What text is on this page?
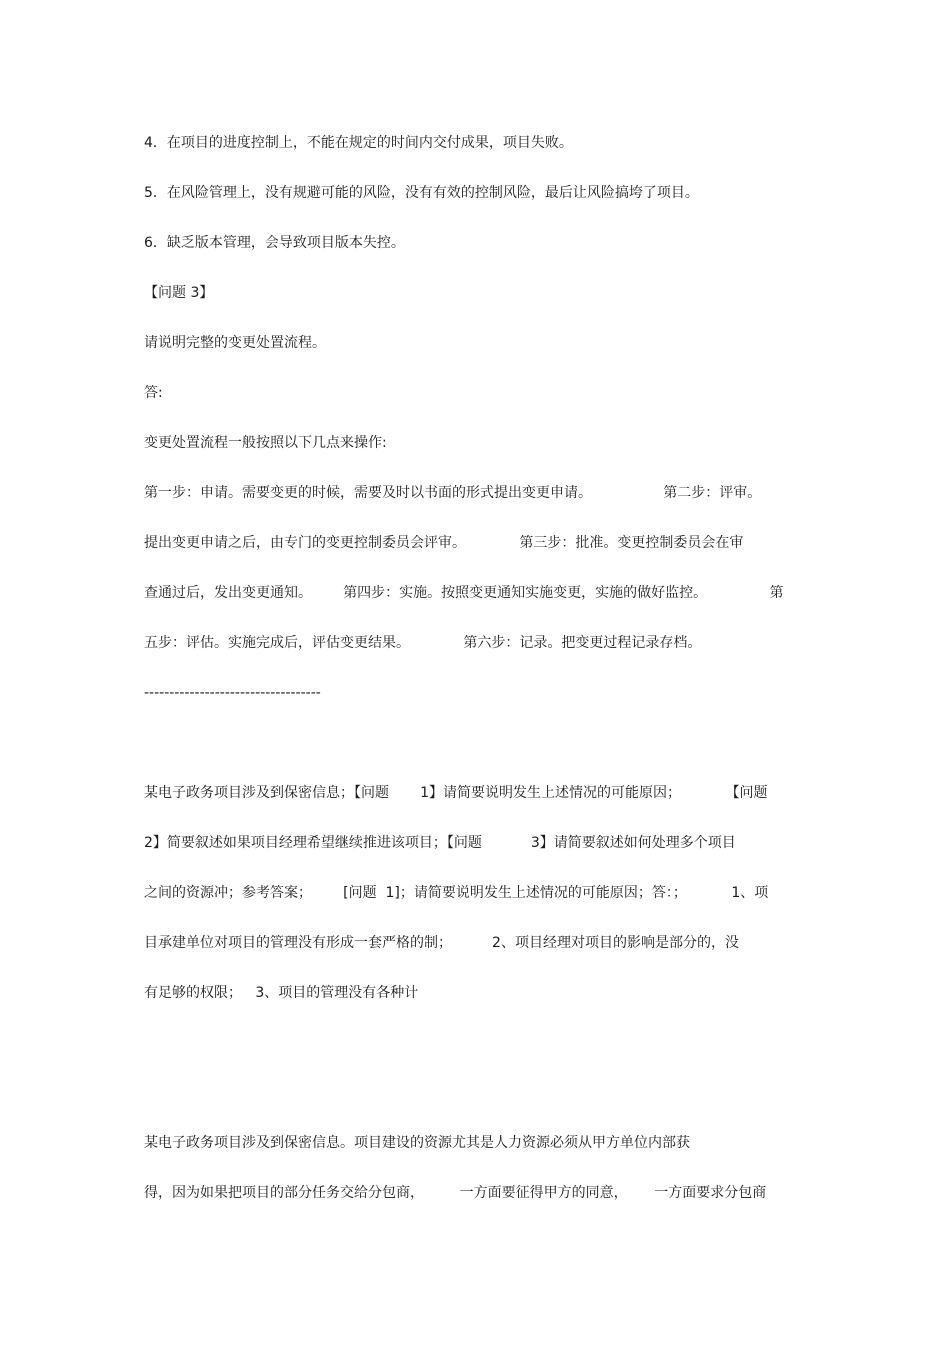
4．在项目的进度控制上，不能在规定的时间内交付成果，项目失败。
5．在风险管理上，没有规避可能的风险，没有有效的控制风险，最后让风险搞垮了项目。
6．缺乏版本管理，会导致项目版本失控。
【问题 3】
请说明完整的变更处置流程。
答:
变更处置流程一般按照以下几点来操作:
第一步：申请。需要变更的时候，需要及时以书面的形式提出变更申请。                第二步：评审。
提出变更申请之后，由专门的变更控制委员会评审。            第三步：批准。变更控制委员会在审
查通过后，发出变更通知。       第四步：实施。按照变更通知实施变更，实施的做好监控。              第
五步：评估。实施完成后，评估变更结果。            第六步：记录。把变更过程记录存档。
-----------------------------------
某电子政务项目涉及到保密信息；【问题       1】请简要说明发生上述情况的可能原因；          【问题
2】简要叙述如果项目经理希望继续推进该项目；【问题           3】请简要叙述如何处理多个项目
之间的资源冲；参考答案；       [问题  1]；请简要说明发生上述情况的可能原因；答：；          1、项
目承建单位对项目的管理没有形成一套严格的制；         2、项目经理对项目的影响是部分的，没
有足够的权限；   3、项目的管理没有各种计
某电子政务项目涉及到保密信息。项目建设的资源尤其是人力资源必须从甲方单位内部获
得，因为如果把项目的部分任务交给分包商，        一方面要征得甲方的同意，      一方面要求分包商
